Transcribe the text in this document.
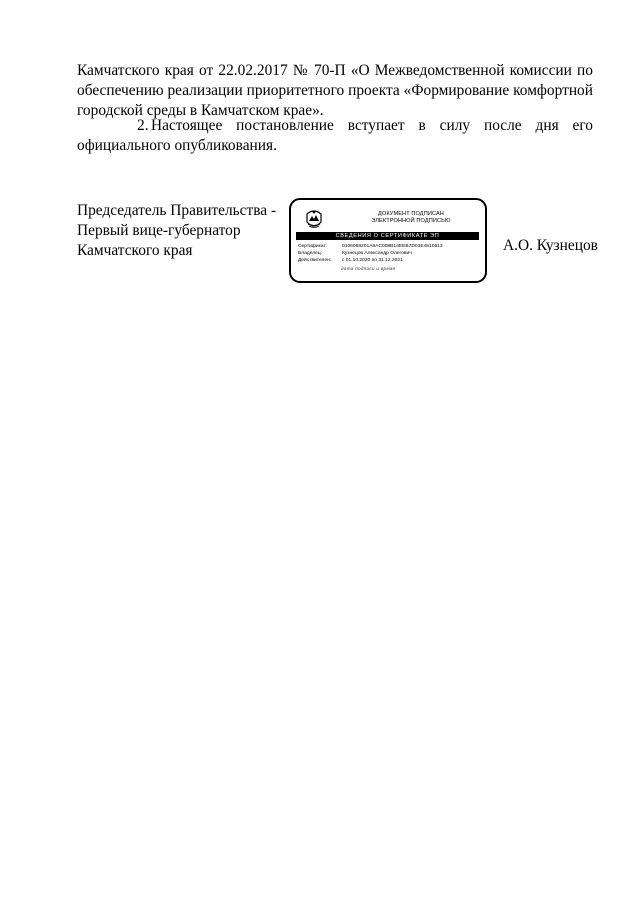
Камчатского края от 22.02.2017 № 70-П «О Межведомственной комиссии по обеспечению реализации приоритетного проекта «Формирование комфортной городской среды в Камчатском крае».
2. Настоящее постановление вступает в силу после дня его официального опубликования.
Председатель Правительства -
Первый вице-губернатор
Камчатского края
ДОКУМЕНТ ПОДПИСАН
ЭЛЕКТРОННОЙ ПОДПИСЬЮ
СВЕДЕНИЯ О СЕРТИФИКАТЕ ЭП
Сертификат:	0106058201A6AC008B14EEB7D03E4510513
Владелец:	Кузнецов Александр Олегович
Действителен: с 01.10.2020 по 31.12.2021
дата подписи и время
А.О. Кузнецов
